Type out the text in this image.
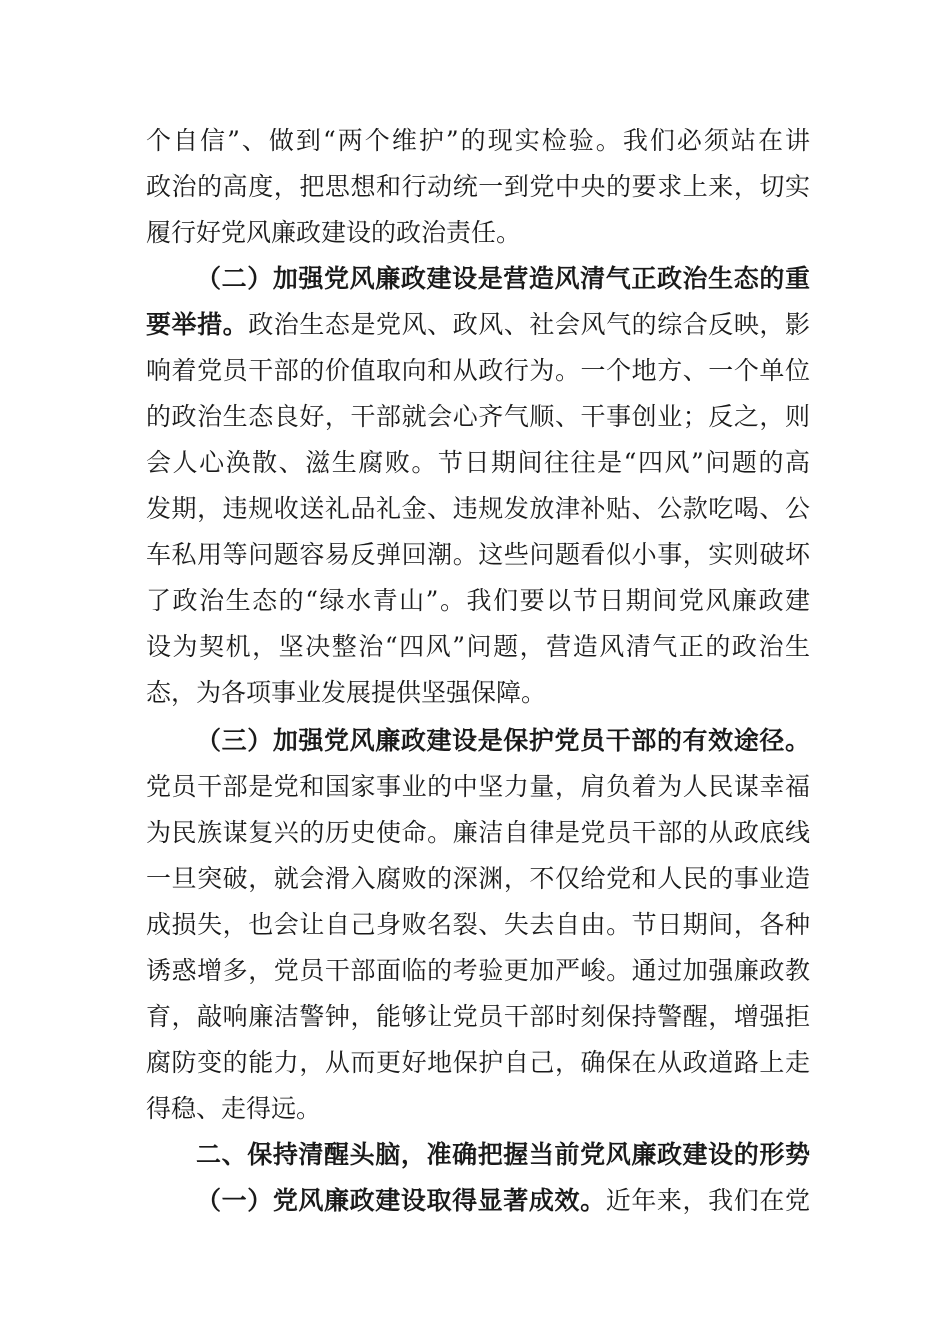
个自信”、做到“两个维护”的现实检验。我们必须站在讲
政治的高度，把思想和行动统一到党中央的要求上来，切实
履行好党风廉政建设的政治责任。
（二）加强党风廉政建设是营造风清气正政治生态的重
要举措。政治生态是党风、政风、社会风气的综合反映，影
响着党员干部的价值取向和从政行为。一个地方、一个单位
的政治生态良好，干部就会心齐气顺、干事创业；反之，则
会人心涣散、滋生腐败。节日期间往往是“四风”问题的高
发期，违规收送礼品礼金、违规发放津补贴、公款吃喝、公
车私用等问题容易反弹回潮。这些问题看似小事，实则破坏
了政治生态的“绿水青山”。我们要以节日期间党风廉政建
设为契机，坚决整治“四风”问题，营造风清气正的政治生
态，为各项事业发展提供坚强保障。
（三）加强党风廉政建设是保护党员干部的有效途径。
党员干部是党和国家事业的中坚力量，肩负着为人民谋幸福
为民族谋复兴的历史使命。廉洁自律是党员干部的从政底线
一旦突破，就会滑入腐败的深渊，不仅给党和人民的事业造
成损失，也会让自己身败名裂、失去自由。节日期间，各种
诱惑增多，党员干部面临的考验更加严峻。通过加强廉政教
育，敲响廉洁警钟，能够让党员干部时刻保持警醒，增强拒
腐防变的能力，从而更好地保护自己，确保在从政道路上走
得稳、走得远。
二、保持清醒头脑，准确把握当前党风廉政建设的形势
（一）党风廉政建设取得显著成效。近年来，我们在党
